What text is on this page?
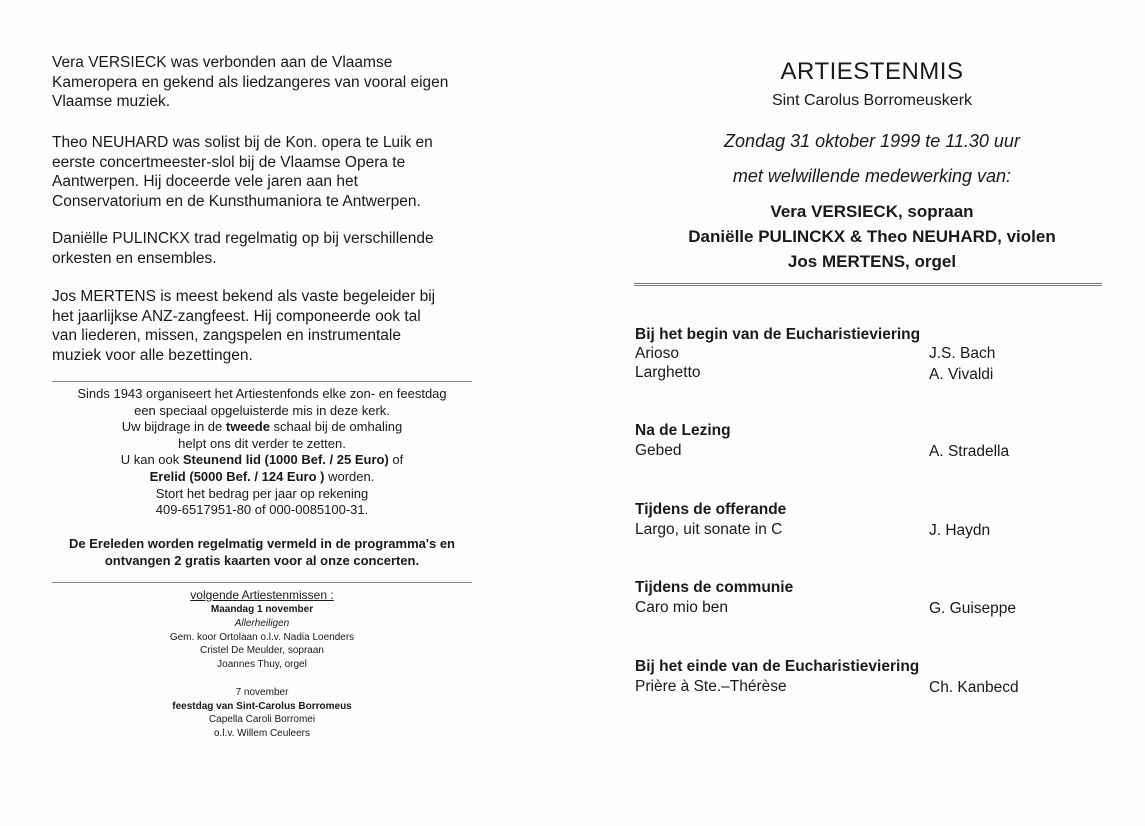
Vera VERSIECK was verbonden aan de Vlaamse
Kameropera en gekend als liedzangeres van vooral eigen
Vlaamse muziek.

Theo NEUHARD was solist bij de Kon. opera te Luik en
eerste concertmeester-slol bij de Vlaamse Opera te
Aantwerpen. Hij doceerde vele jaren aan het
Conservatorium en de Kunsthumaniora te Antwerpen.

Daniëlle PULINCKX trad regelmatig op bij verschillende
orkesten en ensembles.

Jos MERTENS is meest bekend als vaste begeleider bij
het jaarlijkse ANZ-zangfeest. Hij componeerde ook tal
van liederen, missen, zangspelen en instrumentale
muziek voor alle bezettingen.

Sinds 1943 organiseert het Artiestenfonds elke zon- en feestdag

een speciaal opgeluisterde mis in deze kerk.

Uw bijdrage in de tweede schaal bij de omhaling

helpt ons dit verder te zetten.

U kan ook Steunend lid (1000 Bef. / 25 Euro) of

Erelid (5000 Bef. / 124 Euro ) worden.

Stort het bedrag per jaar op rekening

409-6517951-80 of 000-0085100-31.

De Ereleden worden regelmatig vermeld in de programma's en
ontvangen 2 gratis kaarten voor al onze concerten.

volgende Artiestenmissen :

Maandag 1 november

Allerheiligen

Gem. koor Ortolaan o.l.v. Nadia Loenders

Cristel De Meulder, sopraan

Joannes Thuy, orgel

7 november

feestdag van Sint-Carolus Borromeus

Capella Caroli Borromei

o.l.v. Willem Ceuleers

ARTIESTENMIS
Sint Carolus Borromeuskerk
Zondag 31 oktober 1999 te 11.30 uur
met welwillende medewerking van:
Vera VERSIECK, sopraan
Daniëlle PULINCKX & Theo NEUHARD, violen
Jos MERTENS, orgel
Bij het begin van de Eucharistieviering
Arioso	J.S. Bach
Larghetto	A. Vivaldi
Na de Lezing
Gebed	A. Stradella
Tijdens de offerande
Largo, uit sonate in C	J. Haydn
Tijdens de communie
Caro mio ben	G. Guiseppe
Bij het einde van de Eucharistieviering
Prière à Ste.–Thérèse	Ch. Kanbecd
